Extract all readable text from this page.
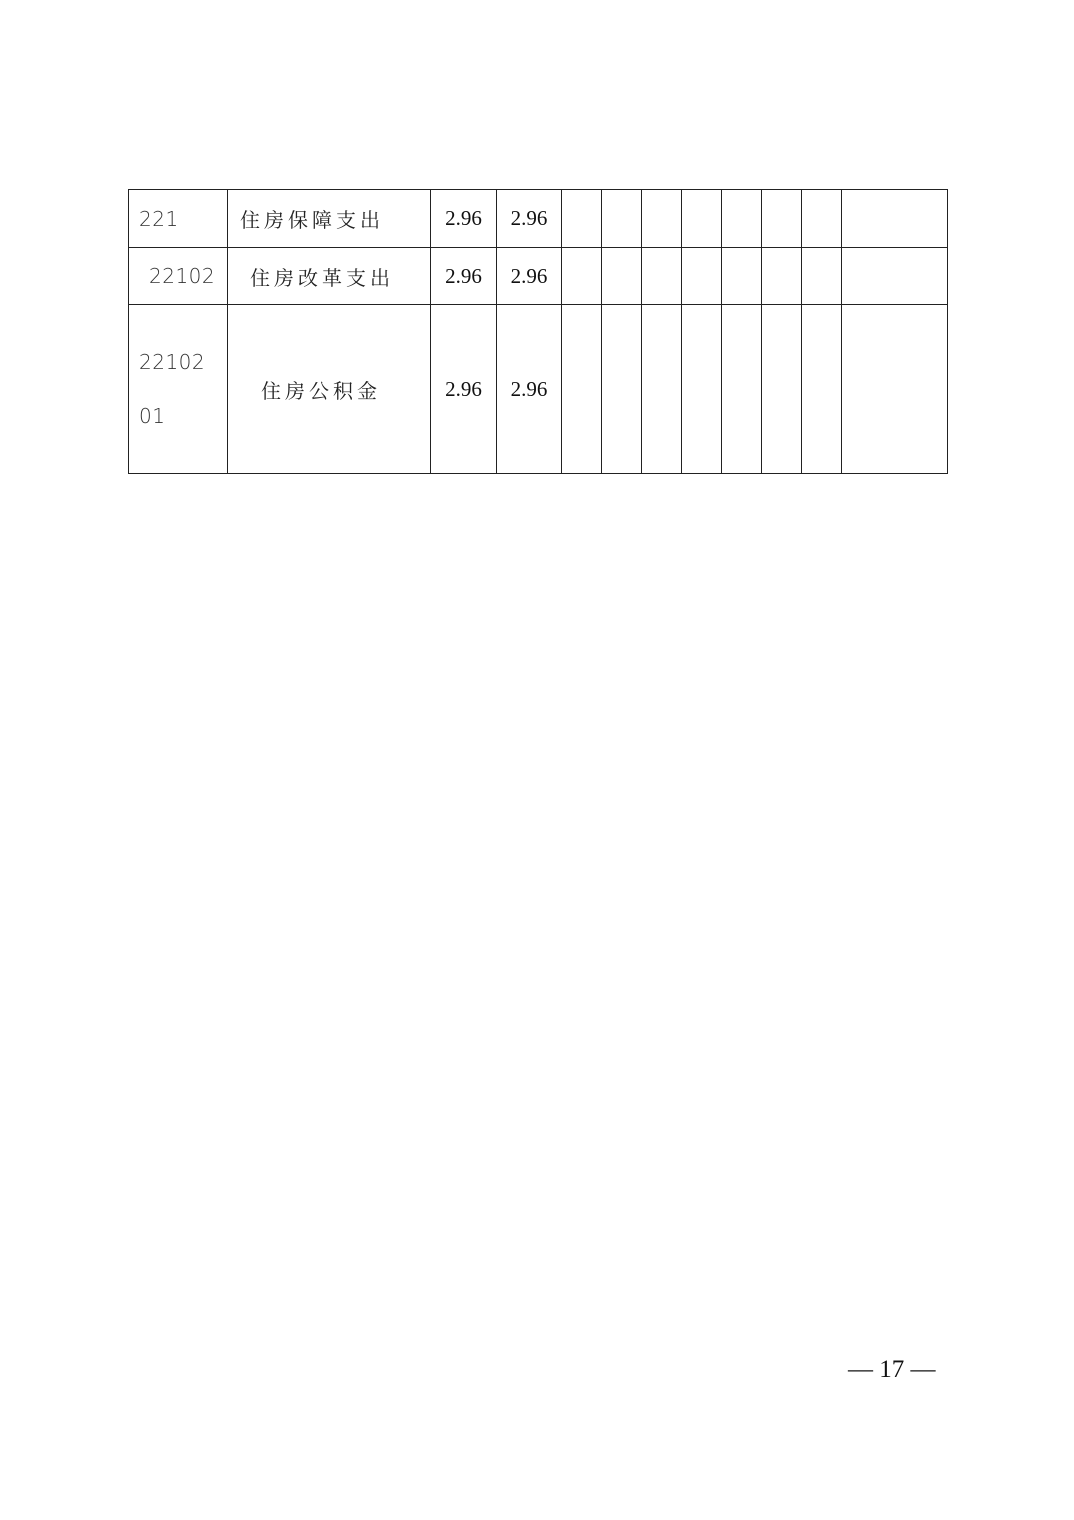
221	住房保障支出	2.96	2.96								
22102	住房改革支出	2.96	2.96								

2210201	住房公积金	2.96	2.96								
— 17 —
